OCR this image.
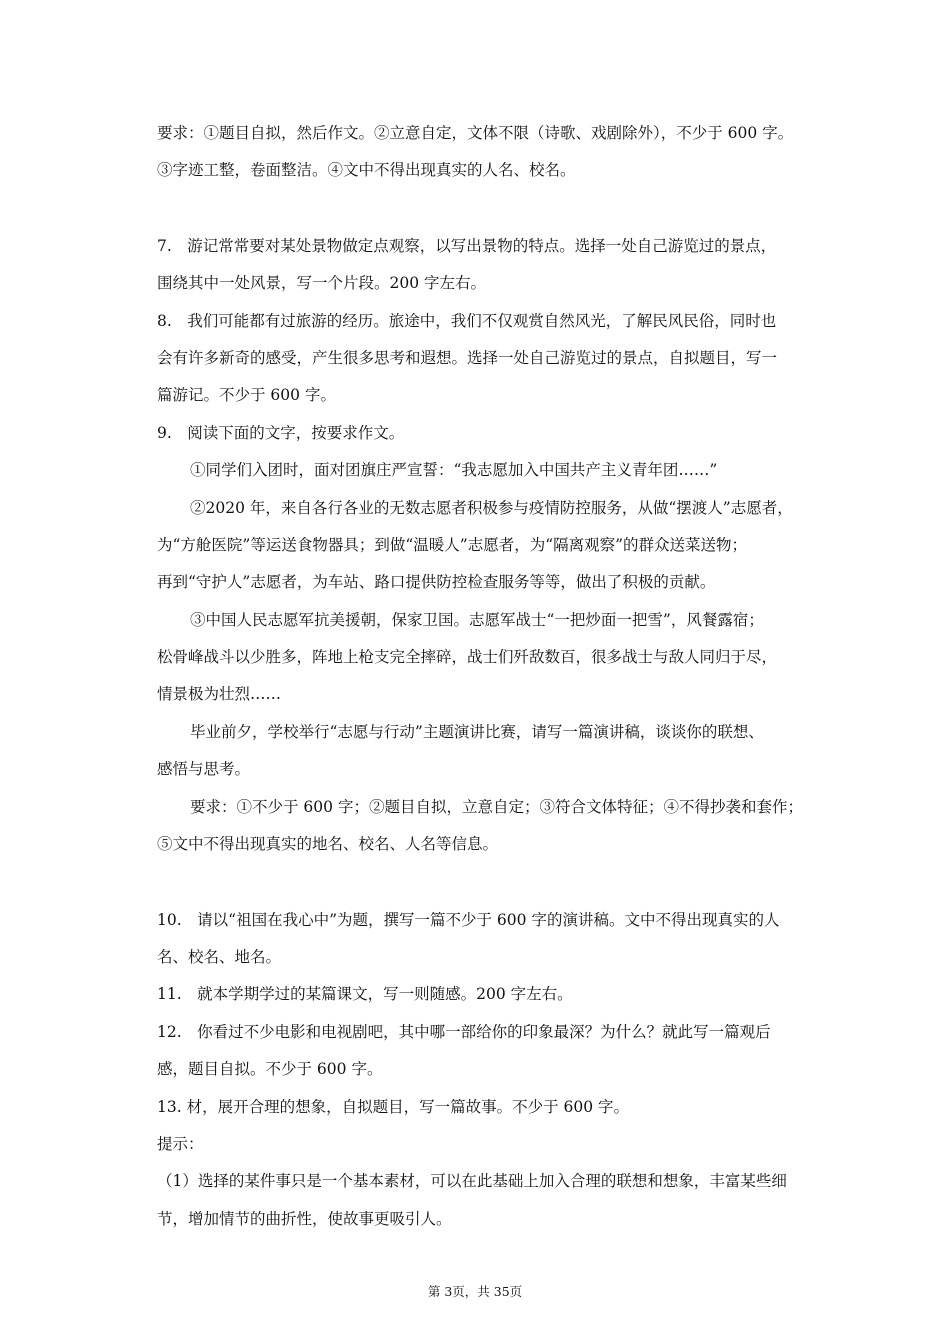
要求：①题目自拟，然后作文。②立意自定，文体不限（诗歌、戏剧除外），不少于 600 字。
③字迹工整，卷面整洁。④文中不得出现真实的人名、校名。
7.　游记常常要对某处景物做定点观察，以写出景物的特点。选择一处自己游览过的景点，
围绕其中一处风景，写一个片段。200 字左右。
8.　我们可能都有过旅游的经历。旅途中，我们不仅观赏自然风光，了解民风民俗，同时也
会有许多新奇的感受，产生很多思考和遐想。选择一处自己游览过的景点，自拟题目，写一
篇游记。不少于 600 字。
9.　阅读下面的文字，按要求作文。
①同学们入团时，面对团旗庄严宣誓：“我志愿加入中国共产主义青年团……”
②2020 年，来自各行各业的无数志愿者积极参与疫情防控服务，从做“摆渡人”志愿者，
为“方舱医院”等运送食物器具；到做“温暖人”志愿者，为“隔离观察”的群众送菜送物；
再到“守护人”志愿者，为车站、路口提供防控检查服务等等，做出了积极的贡献。
③中国人民志愿军抗美援朝，保家卫国。志愿军战士“一把炒面一把雪”，风餐露宿；
松骨峰战斗以少胜多，阵地上枪支完全摔碎，战士们歼敌数百，很多战士与敌人同归于尽，
情景极为壮烈……
毕业前夕，学校举行“志愿与行动”主题演讲比赛，请写一篇演讲稿，谈谈你的联想、
感悟与思考。
要求：①不少于 600 字；②题目自拟，立意自定；③符合文体特征；④不得抄袭和套作；
⑤文中不得出现真实的地名、校名、人名等信息。
10.　请以“祖国在我心中”为题，撰写一篇不少于 600 字的演讲稿。文中不得出现真实的人
名、校名、地名。
11.　就本学期学过的某篇课文，写一则随感。200 字左右。
12.　你看过不少电影和电视剧吧，其中哪一部给你的印象最深？为什么？就此写一篇观后
感，题目自拟。不少于 600 字。
13. 材，展开合理的想象，自拟题目，写一篇故事。不少于 600 字。
提示：
（1）选择的某件事只是一个基本素材，可以在此基础上加入合理的联想和想象，丰富某些细
节，增加情节的曲折性，使故事更吸引人。
第 3页，共 35页
